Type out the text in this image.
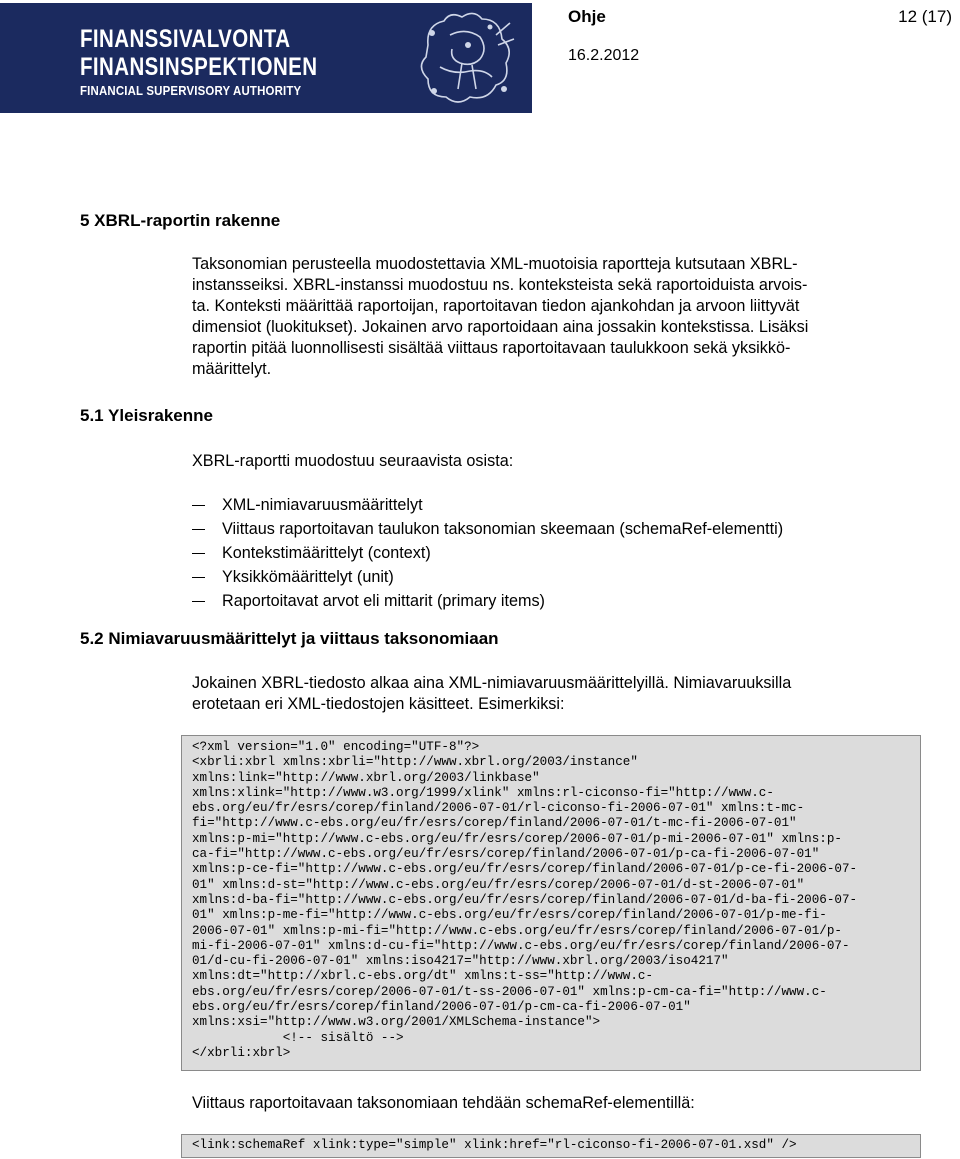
FINANSSIVALVONTA
FINANSINSPEKTIONEN
FINANCIAL SUPERVISORY AUTHORITY
Ohje	12 (17)
16.2.2012
5 XBRL-raportin rakenne
Taksonomian perusteella muodostettavia XML-muotoisia raportteja kutsutaan XBRL-
instansseiksi. XBRL-instanssi muodostuu ns. konteksteista sekä raportoiduista arvois-
ta. Konteksti määrittää raportoijan, raportoitavan tiedon ajankohdan ja arvoon liittyvät
dimensiot (luokitukset). Jokainen arvo raportoidaan aina jossakin kontekstissa. Lisäksi
raportin pitää luonnollisesti sisältää viittaus raportoitavaan taulukkoon sekä yksikkö-
määrittelyt.
5.1 Yleisrakenne
XBRL-raportti muodostuu seuraavista osista:
XML-nimiavaruusmäärittelyt
Viittaus raportoitavan taulukon taksonomian skeemaan (schemaRef-elementti)
Kontekstimäärittelyt (context)
Yksikkömäärittelyt (unit)
Raportoitavat arvot eli mittarit (primary items)
5.2 Nimiavaruusmäärittelyt ja viittaus taksonomiaan
Jokainen XBRL-tiedosto alkaa aina XML-nimiavaruusmäärittelyillä. Nimiavaruuksilla
erotetaan eri XML-tiedostojen käsitteet. Esimerkiksi:
<?xml version="1.0" encoding="UTF-8"?>
<xbrli:xbrl xmlns:xbrli="http://www.xbrl.org/2003/instance"
xmlns:link="http://www.xbrl.org/2003/linkbase"
xmlns:xlink="http://www.w3.org/1999/xlink" xmlns:rl-ciconso-fi="http://www.c-
ebs.org/eu/fr/esrs/corep/finland/2006-07-01/rl-ciconso-fi-2006-07-01" xmlns:t-mc-
fi="http://www.c-ebs.org/eu/fr/esrs/corep/finland/2006-07-01/t-mc-fi-2006-07-01"
xmlns:p-mi="http://www.c-ebs.org/eu/fr/esrs/corep/2006-07-01/p-mi-2006-07-01" xmlns:p-
ca-fi="http://www.c-ebs.org/eu/fr/esrs/corep/finland/2006-07-01/p-ca-fi-2006-07-01"
xmlns:p-ce-fi="http://www.c-ebs.org/eu/fr/esrs/corep/finland/2006-07-01/p-ce-fi-2006-07-
01" xmlns:d-st="http://www.c-ebs.org/eu/fr/esrs/corep/2006-07-01/d-st-2006-07-01"
xmlns:d-ba-fi="http://www.c-ebs.org/eu/fr/esrs/corep/finland/2006-07-01/d-ba-fi-2006-07-
01" xmlns:p-me-fi="http://www.c-ebs.org/eu/fr/esrs/corep/finland/2006-07-01/p-me-fi-
2006-07-01" xmlns:p-mi-fi="http://www.c-ebs.org/eu/fr/esrs/corep/finland/2006-07-01/p-
mi-fi-2006-07-01" xmlns:d-cu-fi="http://www.c-ebs.org/eu/fr/esrs/corep/finland/2006-07-
01/d-cu-fi-2006-07-01" xmlns:iso4217="http://www.xbrl.org/2003/iso4217"
xmlns:dt="http://xbrl.c-ebs.org/dt" xmlns:t-ss="http://www.c-
ebs.org/eu/fr/esrs/corep/2006-07-01/t-ss-2006-07-01" xmlns:p-cm-ca-fi="http://www.c-
ebs.org/eu/fr/esrs/corep/finland/2006-07-01/p-cm-ca-fi-2006-07-01"
xmlns:xsi="http://www.w3.org/2001/XMLSchema-instance">
<!-- sisältö -->
</xbrli:xbrl>
Viittaus raportoitavaan taksonomiaan tehdään schemaRef-elementillä:
<link:schemaRef xlink:type="simple" xlink:href="rl-ciconso-fi-2006-07-01.xsd" />
